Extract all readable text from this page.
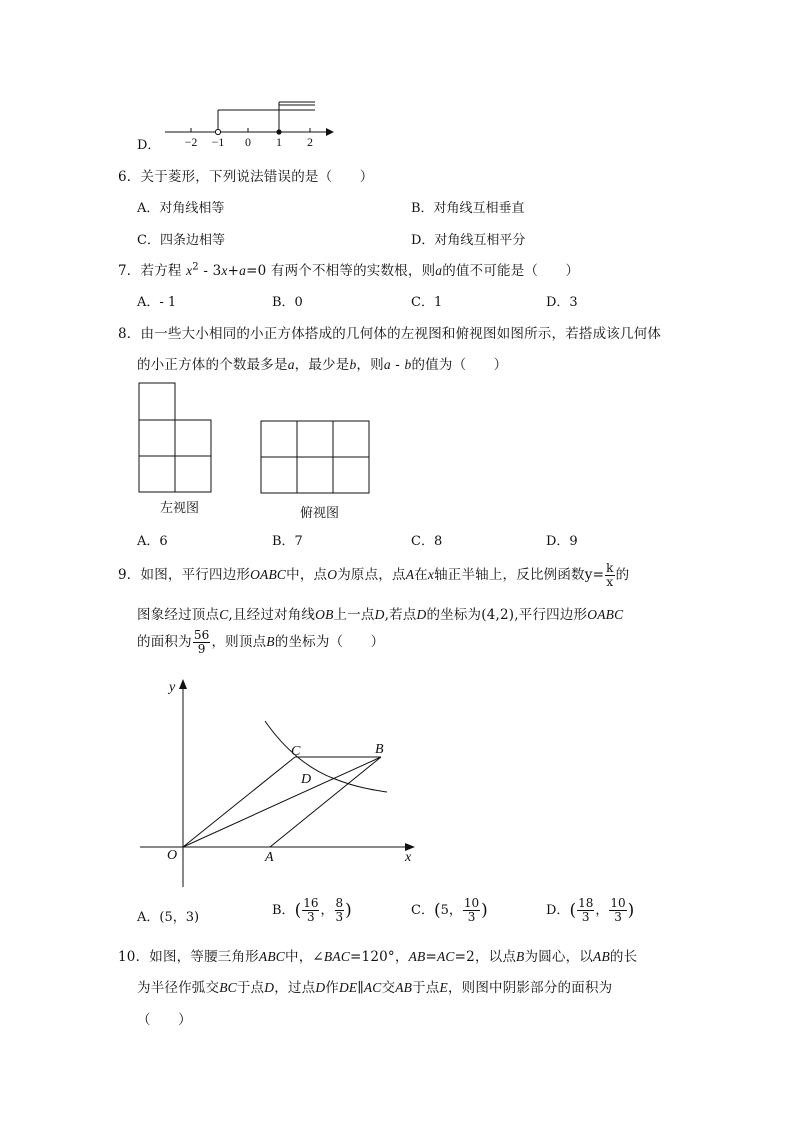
D． −2 −1 0 1 2
6．关于菱形，下列说法错误的是（　　）
A．对角线相等	B．对角线互相垂直
C．四条边相等	D．对角线互相平分
7．若方程 $x^2 - 3x+a=0$ 有两个不相等的实数根，则a的值不可能是（　　）
A．- 1	B．0	C．1	D．3
8．由一些大小相同的小正方体搭成的几何体的左视图和俯视图如图所示，若搭成该几何体
的小正方体的个数最多是a，最少是b，则a - b的值为（　　）
左视图	俯视图
A．6	B．7	C．8	D．9
9．如图，平行四边形OABC中，点O为原点，点A在x轴正半轴上，反比例函数$y= \frac{k}{x}$ 的
图象经过顶点C,且经过对角线OB上一点D,若点D的坐标为(4,2),平行四边形OABC
的面积为 $\frac{56}{9}$ ，则顶点B的坐标为（　　）
y
x
O	A
B
C
D
A．(5，3)	B．( $\frac{16}{3}$ ， $\frac{8}{3}$ )	C．(5， $\frac{10}{3}$ )	D．( $\frac{18}{3}$ ， $\frac{10}{3}$ )
10．如图，等腰三角形ABC中，∠BAC=120°，AB=AC=2，以点B为圆心，以AB的长
为半径作弧交BC于点D，过点D作DE∥AC交AB于点E，则图中阴影部分的面积为
（　　）
